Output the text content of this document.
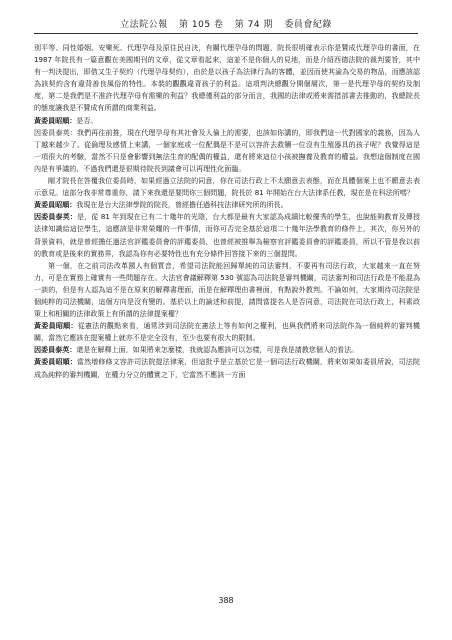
立法院公報 第 105 卷 第 74 期 委員會紀錄

別平等、同性婚姻、安樂死、代理孕母及原住民自決，有關代理孕母的問題，院長很明確表示你是贊成代理孕母的書面，在 1987 年院長有一篇意觀在美國期刊的文章，從文章看起來，這並不是你個人的見地，而是介紹西德法院的裁判要旨，其中有一判決提出，即借又生子契約（代理孕母契約），由於是以孩子為法律行為的客體，並因而使其淪為交易的物品，而應該認為該契約含有違背善良風俗的特性。本裝的觀觀違背孩子的利益。這項判決總觀分開個層次，第一是代理孕母的契約及制度，第二是我們是不准許代理孕母有需樂的利益？我總僅利益的部分而言，我國的法律或將來需措部書去推動的，我總院長的態度讓我是不贊成有所謂的商業利益。

黃委員昭順：是否。

因委員泰英：我們再往前推，現在代理孕母有其社會及人倫上的需要，也該如你講的，即我們這一代對國家的義務，因為人丁越來越少了。從倫理及感情上來講，一個家庭或一位配偶是不是可以容許去救贖一位沒有生殖器具的孩子呢？我覺得這是一項很大的考驗，當然不只是會影響到無法生育的配偶的權益，還有將來這位小孩被撫養及教育的權益。我想這個制度在國內是有爭議的，不過我們還是很期待院長到議會可以再理性化面臨。

剛才院長在答覆我位委員時，如果經過立法院的同意，你在司法行政上不太願意去表態，而在具體個案上也不願意去表示意見。這部分我非常尊重你，請下來我還是要問你三個問題，院長於 81 年開始在台大法律系任教，現在是在科法所嗎？

黃委員昭順：我現在是台大法律學院的院長，曾經擔任過科技法律研究所的所長。

因委員泰英：是，從 81 年到現在已有二十幾年的光陰，台大都是最有大家認為成績比較優秀的學生，也說能夠教育及傳授法律知識給這位學生，這應該是非常榮耀的一件事情，而你可否完全基於這項二十幾年法學教育的條件上，其次，你另外的背景資料，就是曾經擔任過法官評鑑委員會的評鑑委員，也曾經被推舉為檢察官評鑑委員會的評鑑委員，所以不管是我以前的教育或是後來的實務界，我認為你有必要特性也有充分條件回答接下來的三個提問。

第一個，在之前司法改革國人有個質音，希望司法院能回歸單純的司法審判，不要再有司法行政，大家越來一直在努力，可是在實務上確實有一些問題存在。大法官會議解釋第 530 號認為司法院是審判機關，司法審判和司法行政是不能混為一談的，但是有人認為這不是在原來的解釋書理面，而是在解釋理由書裡面，有點說外教判。不論如何，大家期待司法院是個純粹的司法機關，這個方向是沒有變的。基於以上的論述和前提，請問當提名人是否同意，司法院在司法行政上，科素政策上和相關的法律政策上有所謂的法律提案權？

黃委員昭順：從憲法的觀點來看，通常涉到司法院在憲法上等有如何之權利，也與我們將來司法院作為一個純粹的審判機關，當然它應該在提案權上就亦不是完全沒有，至少也要有很大的限制。

因委員泰英：還是在解釋上面，如果將來怎麼樣，我就認為應該可以怎樣，可是我是請教您個人的看法。

黃委員昭順：當然增修條文容許司法院提法律案，但這批乎是立基於它是一個司法行政機關，將來如果如委員所說，司法院成為純粹的審判機關，在權力分立的體實之下，它當然不應該一方面

388
